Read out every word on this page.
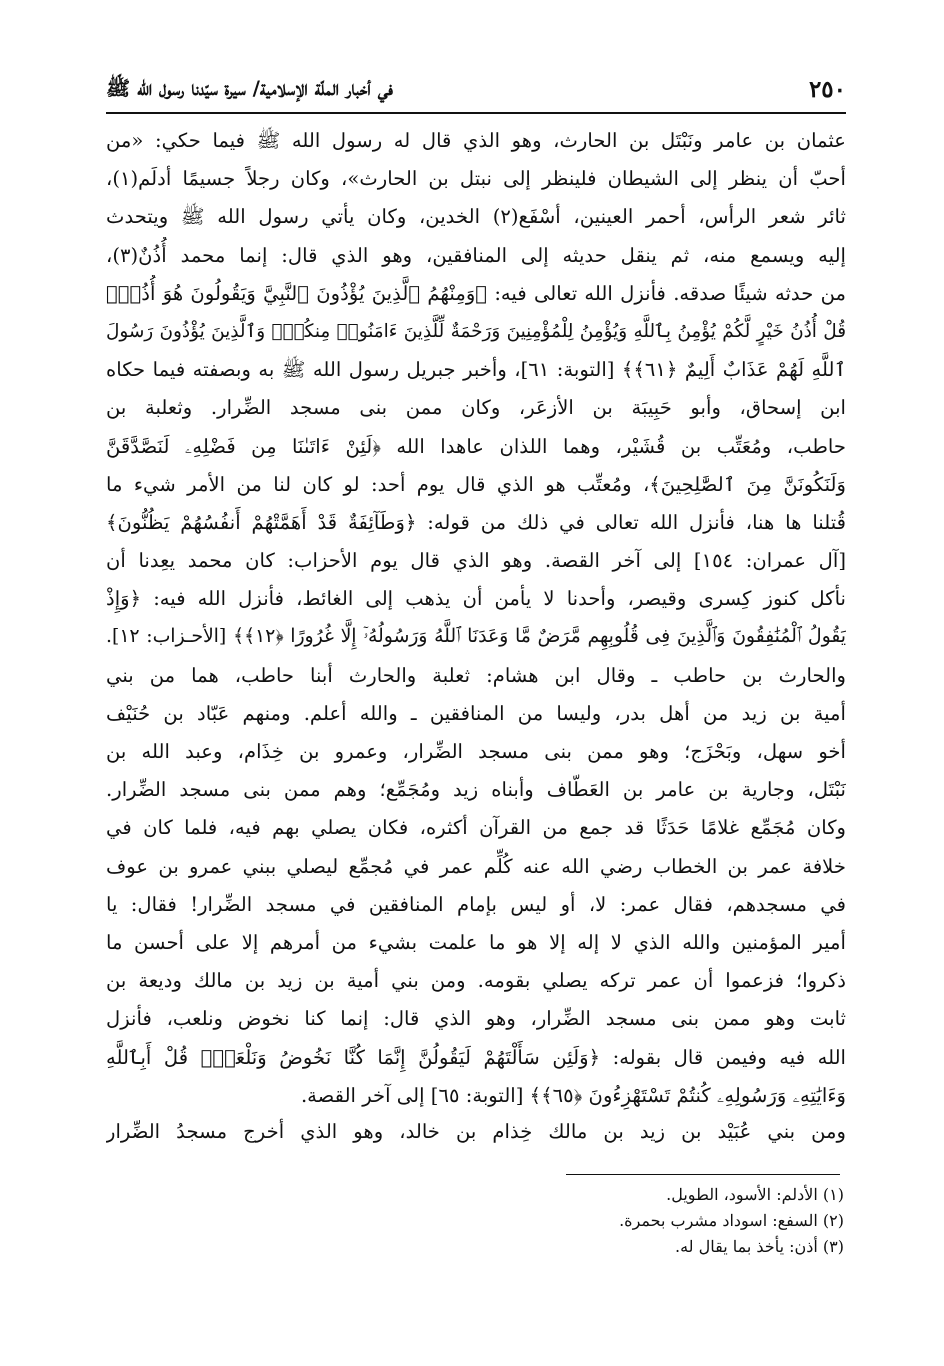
٢٥٠
في أخبار الملّة الإسلامية/ سيرة سيّدنا رسول الله ﷺ
عثمان بن عامر ونَبْتَل بن الحارث، وهو الذي قال له رسول الله ﷺ فيما حكي: «من
أحبّ أن ينظر إلى الشيطان فلينظر إلى نبتل بن الحارث»، وكان رجلاً جسيمًا أدلَم(١)،
ثائر شعر الرأس، أحمر العينين، أسْفَع(٢) الخدين، وكان يأتي رسول الله ﷺ ويتحدث
إليه ويسمع منه، ثم ينقل حديثه إلى المنافقين، وهو الذي قال: إنما محمد أُذُنٌ(٣)،
من حدثه شيئًا صدقه. فأنزل الله تعالى فيه: ﴿وَمِنْهُمُ ٱلَّذِينَ يُؤْذُونَ ٱلنَّبِيَّ وَيَقُولُونَ هُوَ أُذُنٌۚ
قُلْ أُذُنُ خَيْرٍ لَّكُمْ يُؤْمِنُ بِٱللَّهِ وَيُؤْمِنُ لِلْمُؤْمِنِينَ وَرَحْمَةٌ لِّلَّذِينَ ءَامَنُوا۟ مِنكُمْۚ وَٱلَّذِينَ يُؤْذُونَ رَسُولَ
ٱللَّهِ لَهُمْ عَذَابٌ أَلِيمٌ ﴿٦١﴾﴾ [التوبة: ٦١]، وأخبر جبريل رسول الله ﷺ به وبصفته فيما حكاه
ابن إسحاق، وأبو حَبِيبَة بن الأزعَر، وكان ممن بنى مسجد الضِّرار. وثعلبة بن
حاطب، ومُعَتِّب بن قُشَيْر، وهما اللذان عاهدا الله ﴿لَئِنْ ءَاتَىٰنَا مِن فَضْلِهِۦ لَنَصَّدَّقَنَّ
وَلَنَكُونَنَّ مِنَ ٱلصَّٰلِحِينَ﴾، ومُعتِّب هو الذي قال يوم أحد: لو كان لنا من الأمر شيء ما
قُتلنا ها هنا، فأنزل الله تعالى في ذلك من قوله: ﴿وَطَآئِفَةٌ قَدْ أَهَمَّتْهُمْ أَنفُسُهُمْ يَظُنُّونَ﴾
[آل عمران: ١٥٤] إلى آخر القصة. وهو الذي قال يوم الأحزاب: كان محمد يعِدنا أن
نأكل كنوز كِسرى وقيصر، وأحدنا لا يأمن أن يذهب إلى الغائط، فأنزل الله فيه: ﴿وَإِذْ
يَقُولُ ٱلْمُنَٰفِقُونَ وَٱلَّذِينَ فِى قُلُوبِهِم مَّرَضٌ مَّا وَعَدَنَا ٱللَّهُ وَرَسُولُهُۥٓ إِلَّا غُرُورًا ﴿١٢﴾﴾ [الأحـزاب: ١٢].
والحارث بن حاطب ـ وقال ابن هشام: ثعلبة والحارث أبنا حاطب، هما من بني
أمية بن زيد من أهل بدر، وليسا من المنافقين ـ والله أعلم. ومنهم عَبّاد بن حُنَيْف
أخو سهل، وبَحْزَج؛ وهو ممن بنى مسجد الضِّرار، وعمرو بن خِذَام، وعبد الله بن
نَبْتَل، وجارية بن عامر بن العَطّاف وأبناه زيد ومُجَمِّع؛ وهم ممن بنى مسجد الضِّرار.
وكان مُجَمِّع غلامًا حَدَثًا قد جمع من القرآن أكثره، فكان يصلي بهم فيه، فلما كان في
خلافة عمر بن الخطاب رضي الله عنه كُلِّم عمر في مُجمِّع ليصلي ببني عمرو بن عوف
في مسجدهم، فقال عمر: لا، أو ليس بإمام المنافقين في مسجد الضِّرار! فقال: يا
أمير المؤمنين والله الذي لا إله إلا هو ما علمت بشيء من أمرهم إلا على أحسن ما
ذكروا؛ فزعموا أن عمر تركه يصلي بقومه. ومن بني أمية بن زيد بن مالك وديعة بن
ثابت وهو ممن بنى مسجد الضِّرار، وهو الذي قال: إنما كنا نخوض ونلعب، فأنزل
الله فيه وفيمن قال بقوله: ﴿وَلَئِن سَأَلْتَهُمْ لَيَقُولُنَّ إِنَّمَا كُنَّا نَخُوضُ وَنَلْعَبُۚ قُلْ أَبِٱللَّهِ
وَءَايَٰتِهِۦ وَرَسُولِهِۦ كُنتُمْ تَسْتَهْزِءُونَ ﴿٦٥﴾﴾ [التوبة: ٦٥] إلى آخر القصة.
ومن بني عُبَيْد بن زيد بن مالك خِذام بن خالد، وهو الذي أخرج مسجدُ الضِّرار
(١) الأدلم: الأسود، الطويل.
(٢) السفع: اسوداد مشرب بحمرة.
(٣) أذن: يأخذ بما يقال له.
